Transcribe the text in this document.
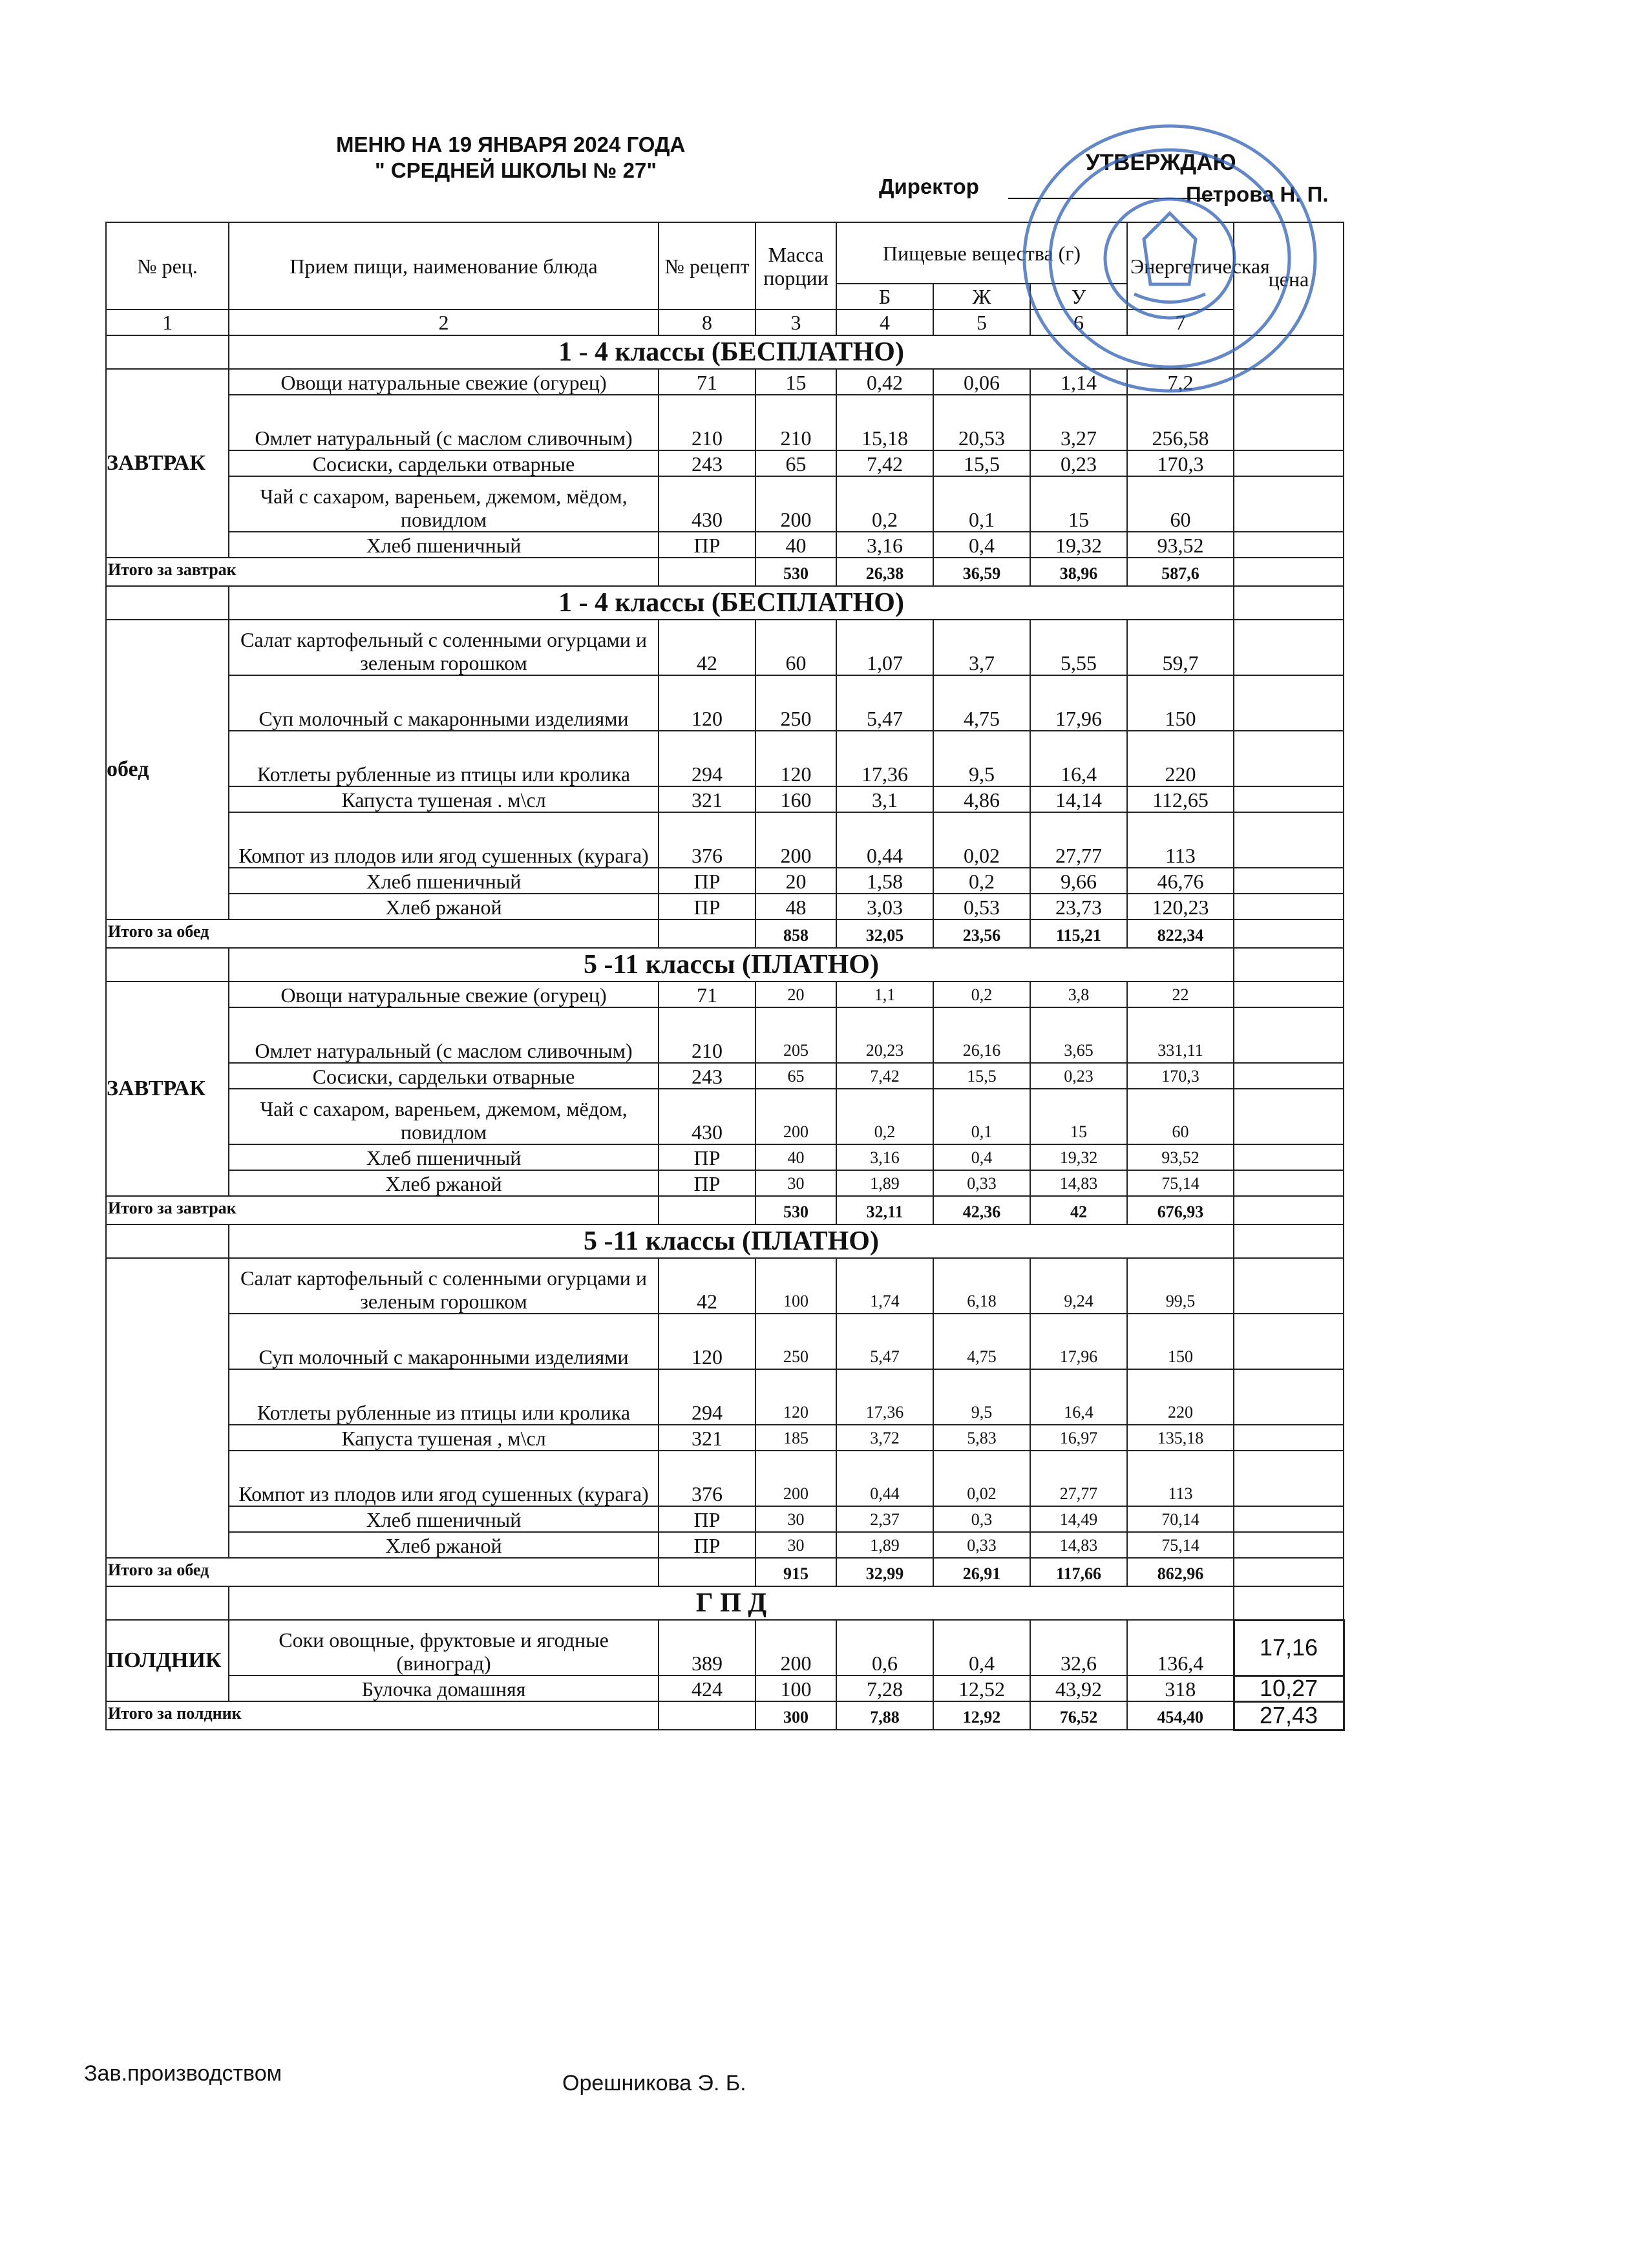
МЕНЮ НА 19 ЯНВАРЯ 2024 ГОДА
" СРЕДНЕЙ ШКОЛЫ № 27"	УТВЕРЖДАЮ
Директор	Петрова Н. П.
№ рец.	Прием пищи, наименование блюда	№ рецепт	Масса порции	Пищевые вещества (г)			Энергетическая	цена
				Б	Ж	У		
1	2	8	3	4	5	6	7	
	1 - 4 классы (БЕСПЛАТНО)							
ЗАВТРАК	Овощи натуральные свежие (огурец)	71	15	0,42	0,06	1,14	7,2	
	Омлет натуральный (с маслом сливочным)	210	210	15,18	20,53	3,27	256,58	
	Сосиски, сардельки отварные	243	65	7,42	15,5	0,23	170,3	
	Чай с сахаром, вареньем, джемом, мёдом, повидлом	430	200	0,2	0,1	15	60	
	Хлеб пшеничный	ПР	40	3,16	0,4	19,32	93,52	
Итого за завтрак			530	26,38	36,59	38,96	587,6	
	1 - 4 классы (БЕСПЛАТНО)							
обед	Салат картофельный с соленными огурцами и зеленым горошком	42	60	1,07	3,7	5,55	59,7	
	Суп молочный с макаронными изделиями	120	250	5,47	4,75	17,96	150	
	Котлеты рубленные из птицы или кролика	294	120	17,36	9,5	16,4	220	
	Капуста тушеная . м\сл	321	160	3,1	4,86	14,14	112,65	
	Компот из плодов или ягод сушенных (курага)	376	200	0,44	0,02	27,77	113	
	Хлеб пшеничный	ПР	20	1,58	0,2	9,66	46,76	
	Хлеб ржаной	ПР	48	3,03	0,53	23,73	120,23	
Итого за обед			858	32,05	23,56	115,21	822,34	
	5 -11 классы (ПЛАТНО)							
ЗАВТРАК	Овощи натуральные свежие (огурец)	71	20	1,1	0,2	3,8	22	
	Омлет натуральный (с маслом сливочным)	210	205	20,23	26,16	3,65	331,11	
	Сосиски, сардельки отварные	243	65	7,42	15,5	0,23	170,3	
	Чай с сахаром, вареньем, джемом, мёдом, повидлом	430	200	0,2	0,1	15	60	
	Хлеб пшеничный	ПР	40	3,16	0,4	19,32	93,52	
	Хлеб ржаной	ПР	30	1,89	0,33	14,83	75,14	
Итого за завтрак			530	32,11	42,36	42	676,93	
	5 -11 классы (ПЛАТНО)							
	Салат картофельный с соленными огурцами и зеленым горошком	42	100	1,74	6,18	9,24	99,5	
	Суп молочный с макаронными изделиями	120	250	5,47	4,75	17,96	150	
	Котлеты рубленные из птицы или кролика	294	120	17,36	9,5	16,4	220	
	Капуста тушеная , м\сл	321	185	3,72	5,83	16,97	135,18	
	Компот из плодов или ягод сушенных (курага)	376	200	0,44	0,02	27,77	113	
	Хлеб пшеничный	ПР	30	2,37	0,3	14,49	70,14	
	Хлеб ржаной	ПР	30	1,89	0,33	14,83	75,14	
Итого за обед			915	32,99	26,91	117,66	862,96	
	Г П Д							
ПОЛДНИК	Соки овощные, фруктовые и ягодные (виноград)	389	200	0,6	0,4	32,6	136,4	17,16
	Булочка домашняя	424	100	7,28	12,52	43,92	318	10,27
Итого за полдник			300	7,88	12,92	76,52	454,40	27,43
Зав.производством	Орешникова Э. Б.
